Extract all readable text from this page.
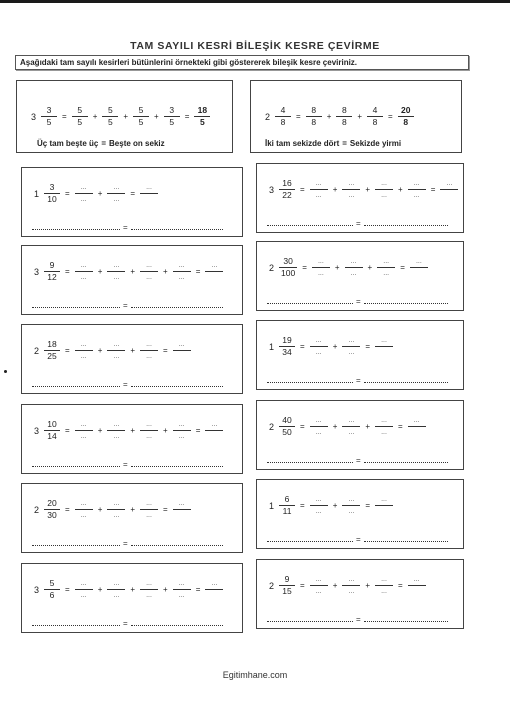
TAM SAYILI KESRİ BİLEŞİK KESRE ÇEVİRME
Aşağıdaki tam sayılı kesirleri bütünlerini örnekteki gibi göstererek bileşik kesre çeviriniz.
$3 \frac{3}{5} = \frac{5}{5} + \frac{5}{5} + \frac{5}{5} + \frac{3}{5} = \frac{18}{5}$
Üç tam beşte üç = Beşte on sekiz
$2 \frac{4}{8} = \frac{8}{8} + \frac{8}{8} + \frac{4}{8} = \frac{20}{8}$
İki tam sekizde dört = Sekizde yirmi
$1 \frac{3}{10}$ =
...
...
+
...
...
=
...

=
$3 \frac{16}{22}$ =
...
...
+
...
...
+
...
...
+
...
...
=
...

=
$3 \frac{9}{12}$ =
...
...
+
...
...
+
...
...
+
...
...
=
...

=
$2 \frac{30}{100}$ =
...
...
+
...
...
+
...
...
=
...

=
$2 \frac{18}{25}$ =
...
...
+
...
...
+
...
...
=
...

=
$1 \frac{19}{34}$ =
...
...
+
...
...
=
...

=
$3 \frac{10}{14}$ =
...
...
+
...
...
+
...
...
+
...
...
=
...

=
$2 \frac{40}{50}$ =
...
...
+
...
...
+
...
...
=
...

=
$2 \frac{20}{30}$ =
...
...
+
...
...
+
...
...
=
...

=
$1 \frac{6}{11}$ =
...
...
+
...
...
=
...

=
$3 \frac{5}{6}$ =
...
...
+
...
...
+
...
...
+
...
...
=
...

=
$2 \frac{9}{15}$ =
...
...
+
...
...
+
...
...
=
...

=
Egitimhane.com
